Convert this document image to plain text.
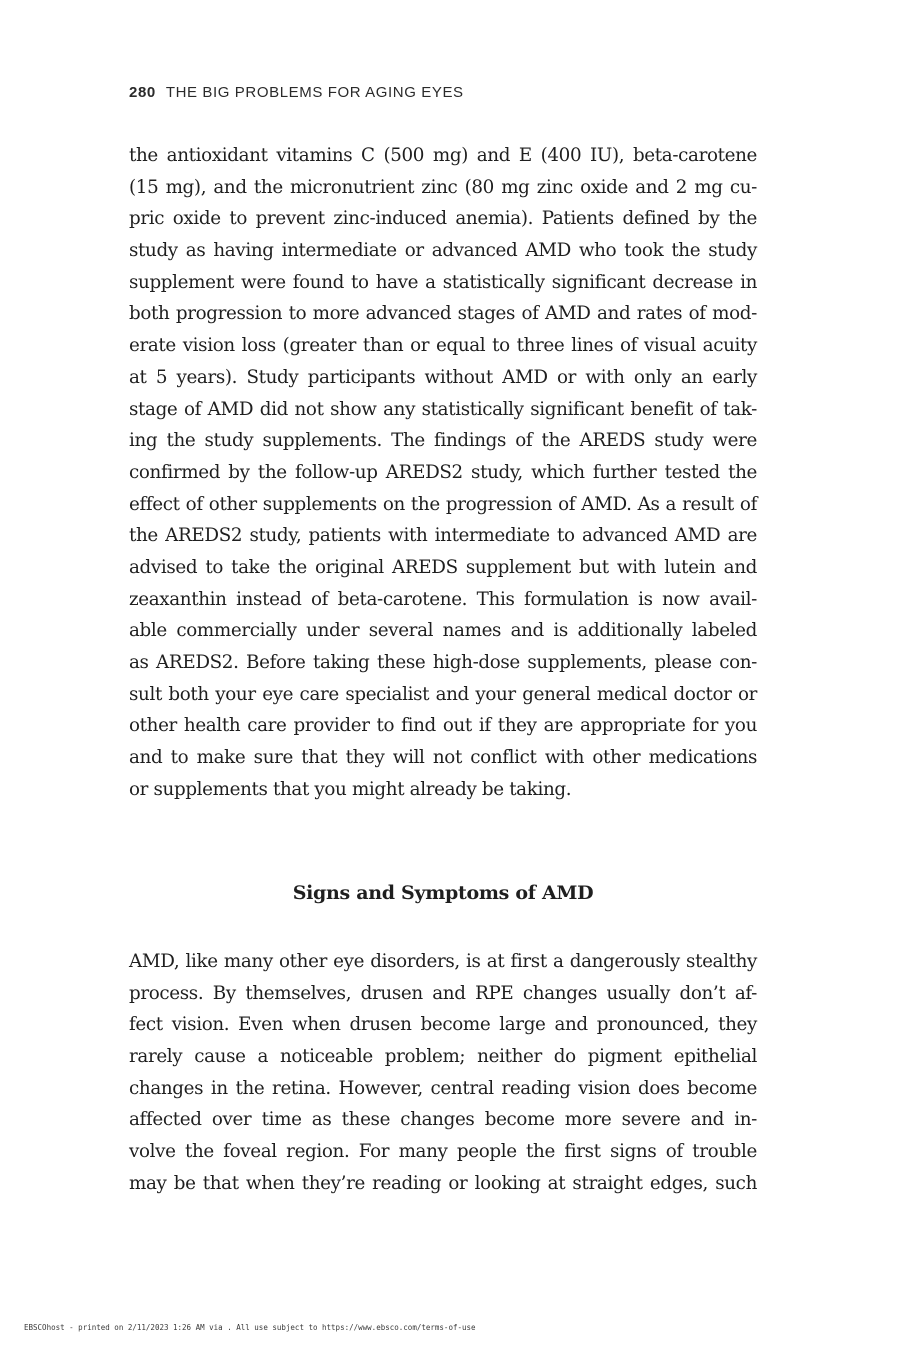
280 THE BIG PROBLEMS FOR AGING EYES
the antioxidant vitamins C (500 mg) and E (400 IU), beta-carotene
(15 mg), and the micronutrient zinc (80 mg zinc oxide and 2 mg cu-
pric oxide to prevent zinc-induced anemia). Patients defined by the
study as having intermediate or advanced AMD who took the study
supplement were found to have a statistically significant decrease in
both progression to more advanced stages of AMD and rates of mod-
erate vision loss (greater than or equal to three lines of visual acuity
at 5 years). Study participants without AMD or with only an early
stage of AMD did not show any statistically significant benefit of tak-
ing the study supplements. The findings of the AREDS study were
confirmed by the follow-up AREDS2 study, which further tested the
effect of other supplements on the progression of AMD. As a result of
the AREDS2 study, patients with intermediate to advanced AMD are
advised to take the original AREDS supplement but with lutein and
zeaxanthin instead of beta-carotene. This formulation is now avail-
able commercially under several names and is additionally labeled
as AREDS2. Before taking these high-dose supplements, please con-
sult both your eye care specialist and your general medical doctor or
other health care provider to find out if they are appropriate for you
and to make sure that they will not conflict with other medications
or supplements that you might already be taking.
Signs and Symptoms of AMD
AMD, like many other eye disorders, is at first a dangerously stealthy
process. By themselves, drusen and RPE changes usually don’t af-
fect vision. Even when drusen become large and pronounced, they
rarely cause a noticeable problem; neither do pigment epithelial
changes in the retina. However, central reading vision does become
affected over time as these changes become more severe and in-
volve the foveal region. For many people the first signs of trouble
may be that when they’re reading or looking at straight edges, such
EBSCOhost - printed on 2/11/2023 1:26 AM via . All use subject to https://www.ebsco.com/terms-of-use
